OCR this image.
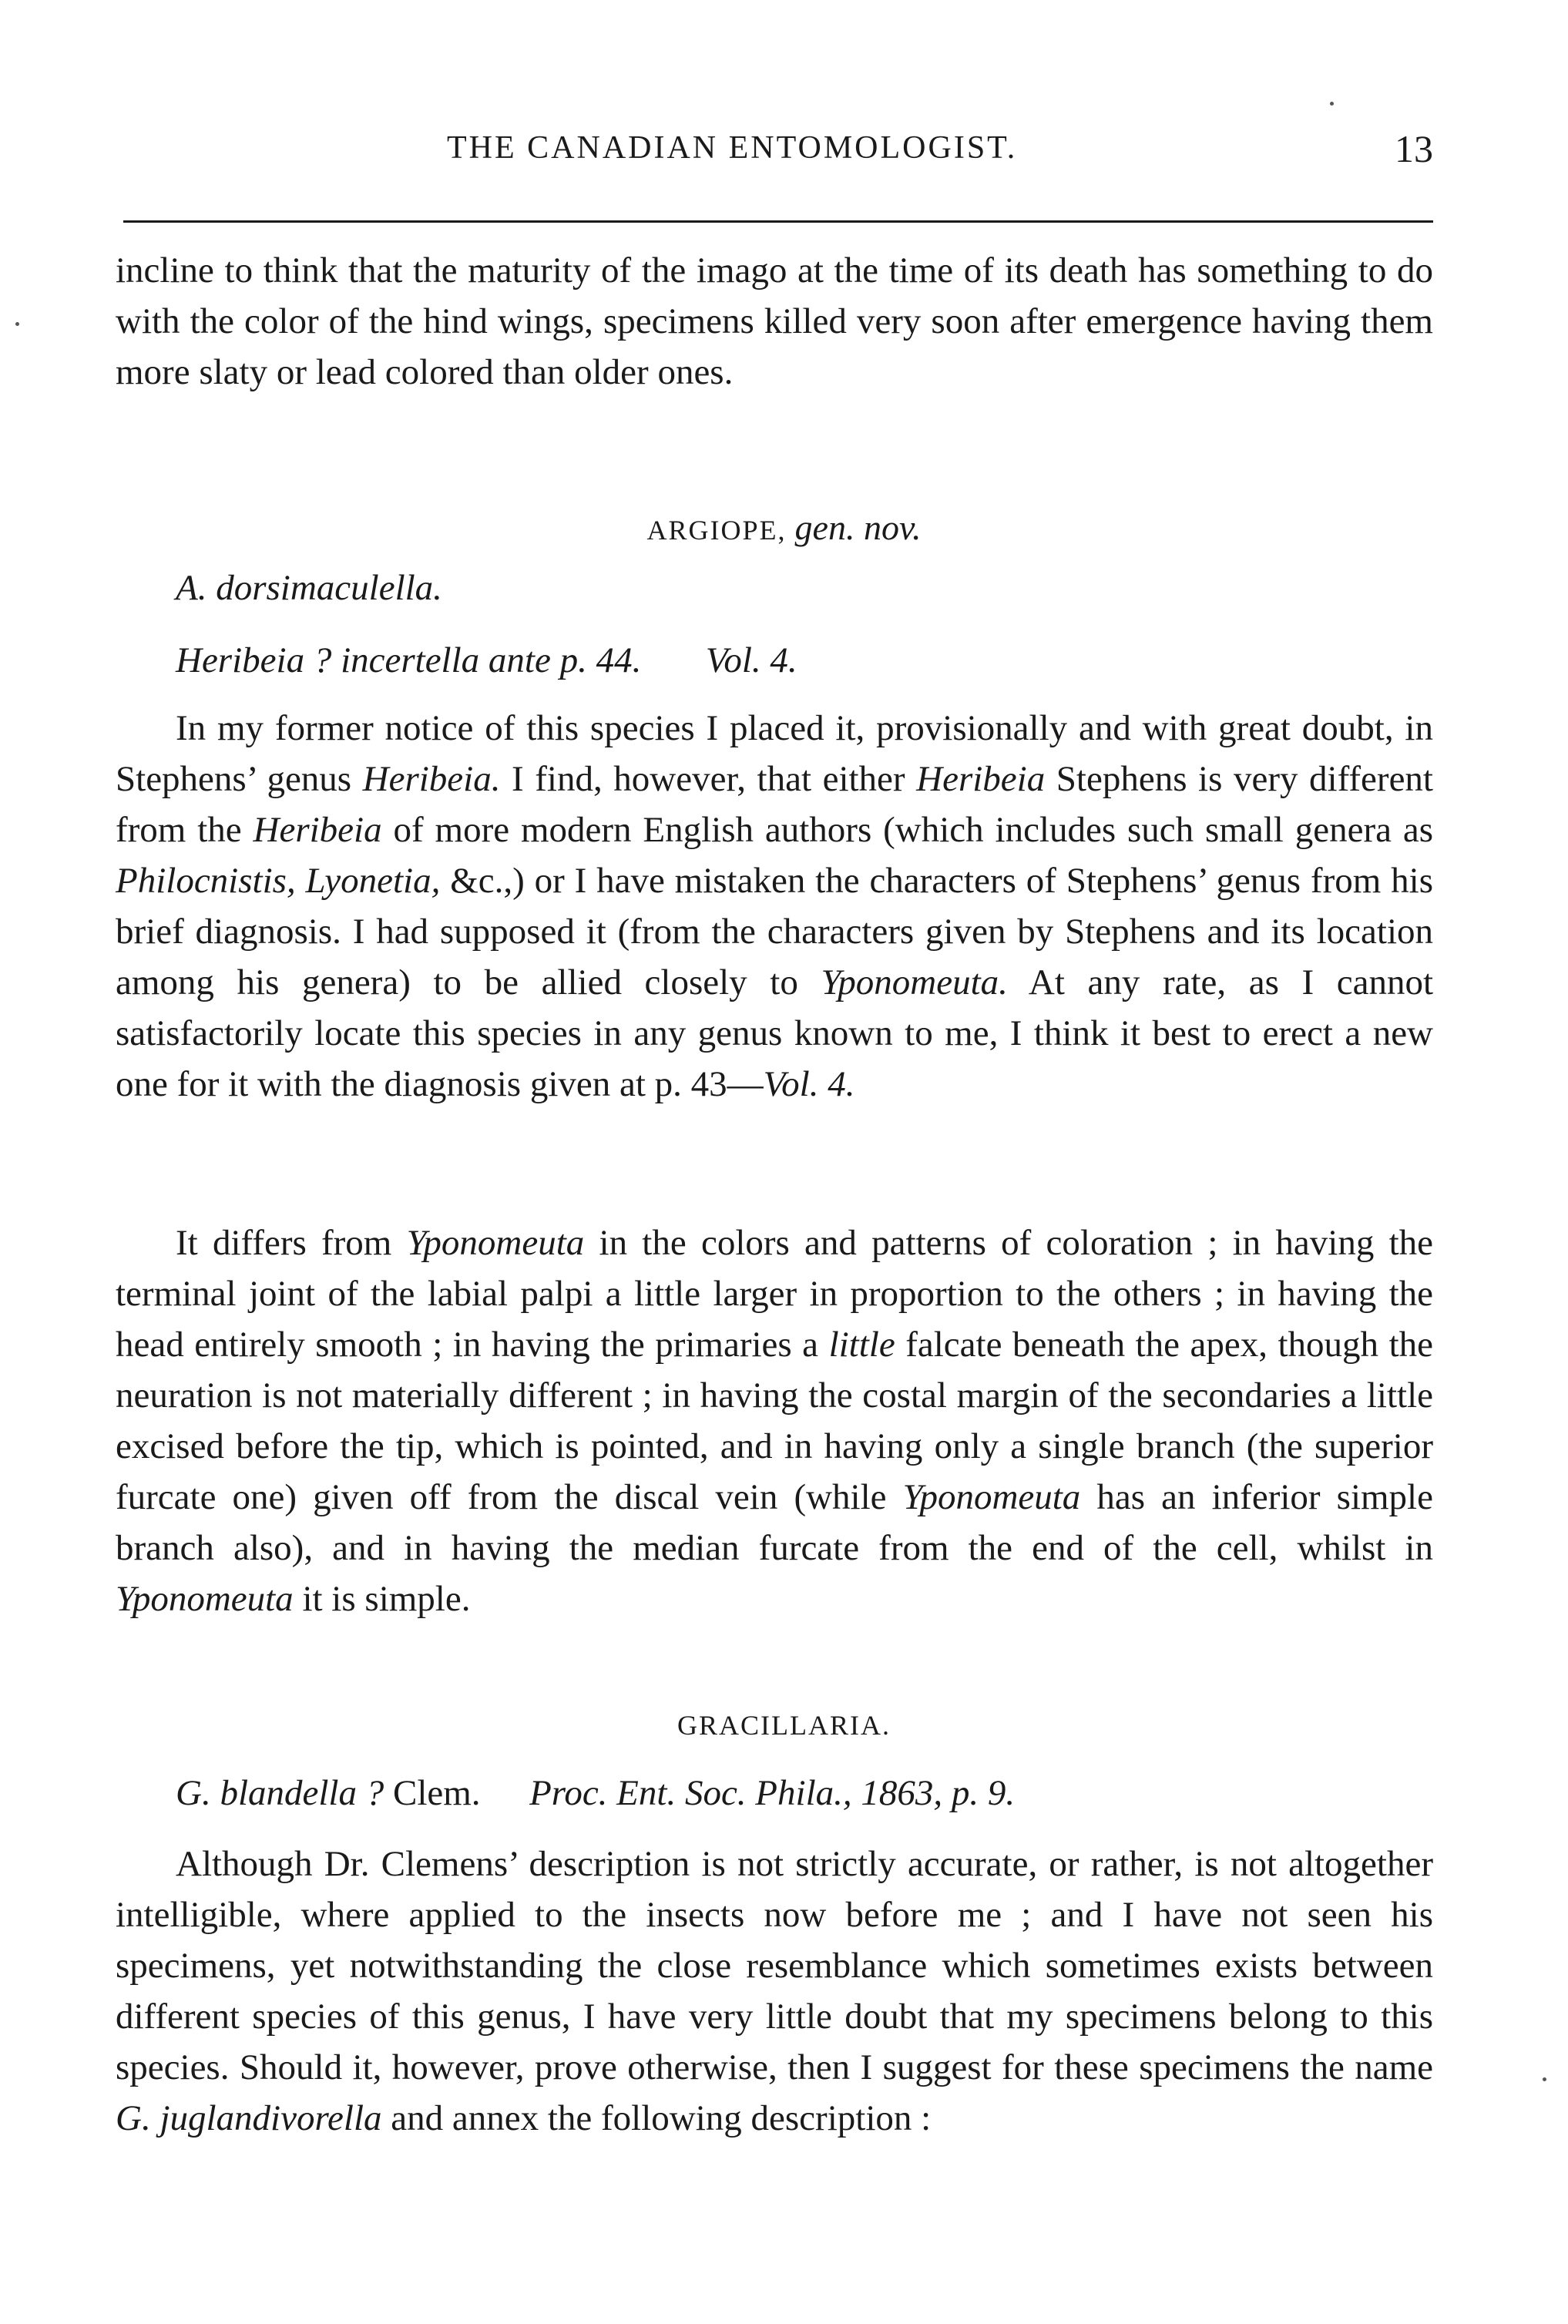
THE CANADIAN ENTOMOLOGIST.	13

incline to think that the maturity of the imago at the time of its death has something to do with the color of the hind wings, specimens killed very soon after emergence having them more slaty or lead colored than older ones.

ARGIOPE, gen. nov.
A. dorsimaculella.
Heribeia ? incertella ante p. 44. Vol. 4.

In my former notice of this species I placed it, provisionally and with great doubt, in Stephens’ genus Heribeia. I find, however, that either Heribeia Stephens is very different from the Heribeia of more modern English authors (which includes such small genera as Philocnistis, Lyonetia, &c.,) or I have mistaken the characters of Stephens’ genus from his brief diagnosis. I had supposed it (from the characters given by Stephens and its location among his genera) to be allied closely to Yponomeuta. At any rate, as I cannot satisfactorily locate this species in any genus known to me, I think it best to erect a new one for it with the diagnosis given at p. 43—Vol. 4.

It differs from Yponomeuta in the colors and patterns of coloration ; in having the terminal joint of the labial palpi a little larger in proportion to the others ; in having the head entirely smooth ; in having the primaries a little falcate beneath the apex, though the neuration is not materially different ; in having the costal margin of the secondaries a little excised before the tip, which is pointed, and in having only a single branch (the superior furcate one) given off from the discal vein (while Yponomeuta has an inferior simple branch also), and in having the median furcate from the end of the cell, whilst in Yponomeuta it is simple.

GRACILLARIA.
G. blandella ? Clem. Proc. Ent. Soc. Phila., 1863, p. 9.

Although Dr. Clemens’ description is not strictly accurate, or rather, is not altogether intelligible, where applied to the insects now before me ; and I have not seen his specimens, yet notwithstanding the close resemblance which sometimes exists between different species of this genus, I have very little doubt that my specimens belong to this species. Should it, however, prove otherwise, then I suggest for these specimens the name G. juglandivorella and annex the following description :
